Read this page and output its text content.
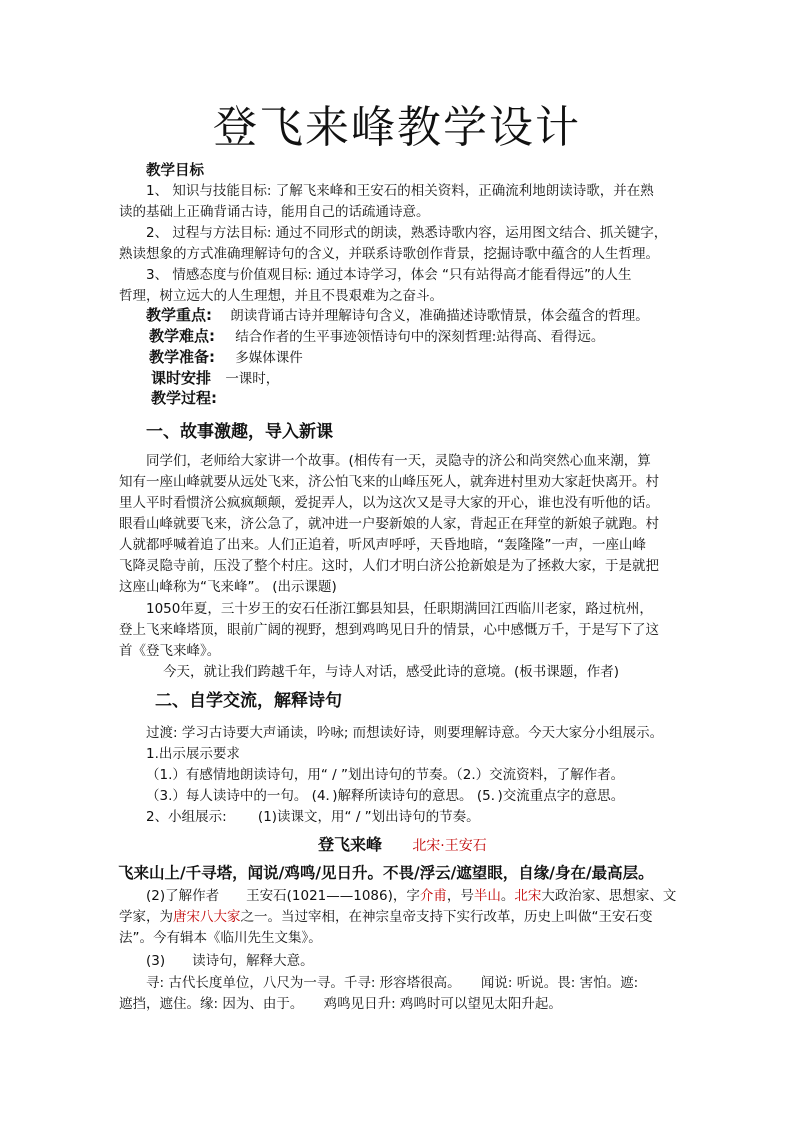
登飞来峰教学设计
教学目标
1、 知识与技能目标: 了解飞来峰和王安石的相关资料，正确流利地朗读诗歌，并在熟
读的基础上正确背诵古诗，能用自己的话疏通诗意。
2、 过程与方法目标: 通过不同形式的朗读，熟悉诗歌内容，运用图文结合、抓关键字，
熟读想象的方式准确理解诗句的含义，并联系诗歌创作背景，挖掘诗歌中蕴含的人生哲理。
3、 情感态度与价值观目标: 通过本诗学习，体会 “只有站得高才能看得远”的人生
哲理，树立远大的人生理想，并且不畏艰难为之奋斗。
教学重点: 朗读背诵古诗并理解诗句含义，准确描述诗歌情景，体会蕴含的哲理。
教学难点: 结合作者的生平事迹领悟诗句中的深刻哲理:站得高、看得远。
教学准备: 多媒体课件
课时安排 一课时，
教学过程:
一、故事激趣，导入新课
同学们，老师给大家讲一个故事。(相传有一天，灵隐寺的济公和尚突然心血来潮，算
知有一座山峰就要从远处飞来，济公怕飞来的山峰压死人，就奔进村里劝大家赶快离开。村
里人平时看惯济公疯疯颠颠，爱捉弄人，以为这次又是寻大家的开心，谁也没有听他的话。
眼看山峰就要飞来，济公急了，就冲进一户娶新娘的人家，背起正在拜堂的新娘子就跑。村
人就都呼喊着追了出来。人们正追着，听风声呼呼，天昏地暗，“轰隆隆”一声，一座山峰
飞降灵隐寺前，压没了整个村庄。这时，人们才明白济公抢新娘是为了拯救大家，于是就把
这座山峰称为“飞来峰”。 (出示课题)
1050年夏，三十岁王的安石任浙江鄞县知县，任职期满回江西临川老家，路过杭州，
登上飞来峰塔顶，眼前广阔的视野，想到鸡鸣见日升的情景，心中感慨万千，于是写下了这
首《登飞来峰》。
今天，就让我们跨越千年，与诗人对话，感受此诗的意境。(板书课题，作者)
二、自学交流，解释诗句
过渡: 学习古诗要大声诵读，吟咏; 而想读好诗，则要理解诗意。今天大家分小组展示。
1.出示展示要求
（1.）有感情地朗读诗句，用“ / ”划出诗句的节奏。（2.）交流资料，了解作者。
（3.）每人读诗中的一句。 (4．)解释所读诗句的意思。 (5．)交流重点字的意思。
2、小组展示:　　 (1)读课文，用“ / ”划出诗句的节奏。
登飞来峰 北宋·王安石
飞来山上/千寻塔，闻说/鸡鸣/见日升。不畏/浮云/遮望眼，自缘/身在/最高层。
(2)了解作者　　王安石(1021——1086)，字介甫，号半山。北宋大政治家、思想家、文
学家，为唐宋八大家之一。当过宰相，在神宗皇帝支持下实行改革，历史上叫做“王安石变
法”。今有辑本《临川先生文集》。
(3)　　读诗句，解释大意。
寻: 古代长度单位，八尺为一寻。千寻: 形容塔很高。　　闻说: 听说。畏: 害怕。遮:
遮挡，遮住。缘: 因为、由于。　　鸡鸣见日升: 鸡鸣时可以望见太阳升起。
